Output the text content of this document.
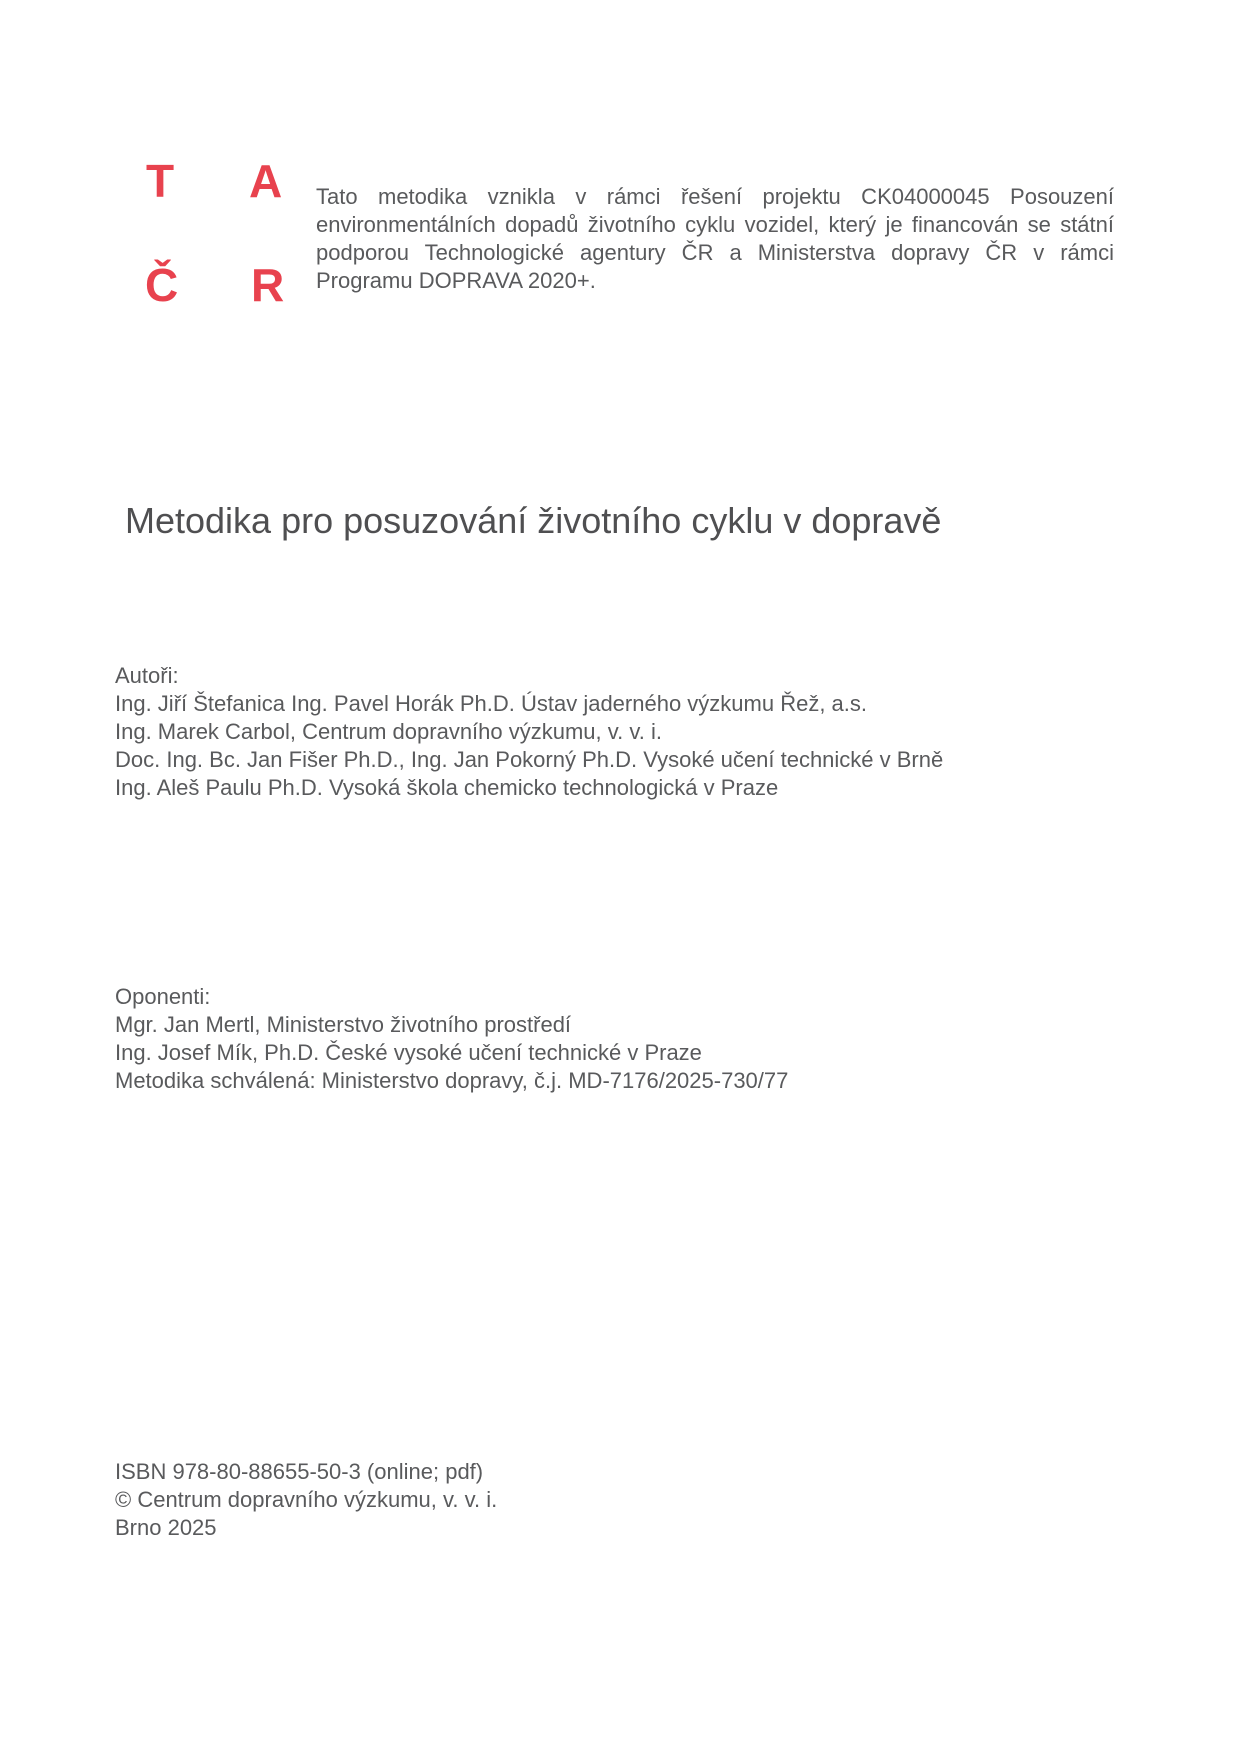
T A
Č R
Tato metodika vznikla v rámci řešení projektu CK04000045 Posouzení
environmentálních dopadů životního cyklu vozidel, který je financován se státní
podporou Technologické agentury ČR a Ministerstva dopravy ČR v rámci
Programu DOPRAVA 2020+.
Metodika pro posuzování životního cyklu v dopravě
Autoři:
Ing. Jiří Štefanica Ing. Pavel Horák Ph.D. Ústav jaderného výzkumu Řež, a.s.
Ing. Marek Carbol, Centrum dopravního výzkumu, v. v. i.
Doc. Ing. Bc. Jan Fišer Ph.D., Ing. Jan Pokorný Ph.D. Vysoké učení technické v Brně
Ing. Aleš Paulu Ph.D. Vysoká škola chemicko technologická v Praze
Oponenti:
Mgr. Jan Mertl, Ministerstvo životního prostředí
Ing. Josef Mík, Ph.D. České vysoké učení technické v Praze
Metodika schválená: Ministerstvo dopravy, č.j. MD-7176/2025-730/77
ISBN 978-80-88655-50-3 (online; pdf)
© Centrum dopravního výzkumu, v. v. i.
Brno 2025
